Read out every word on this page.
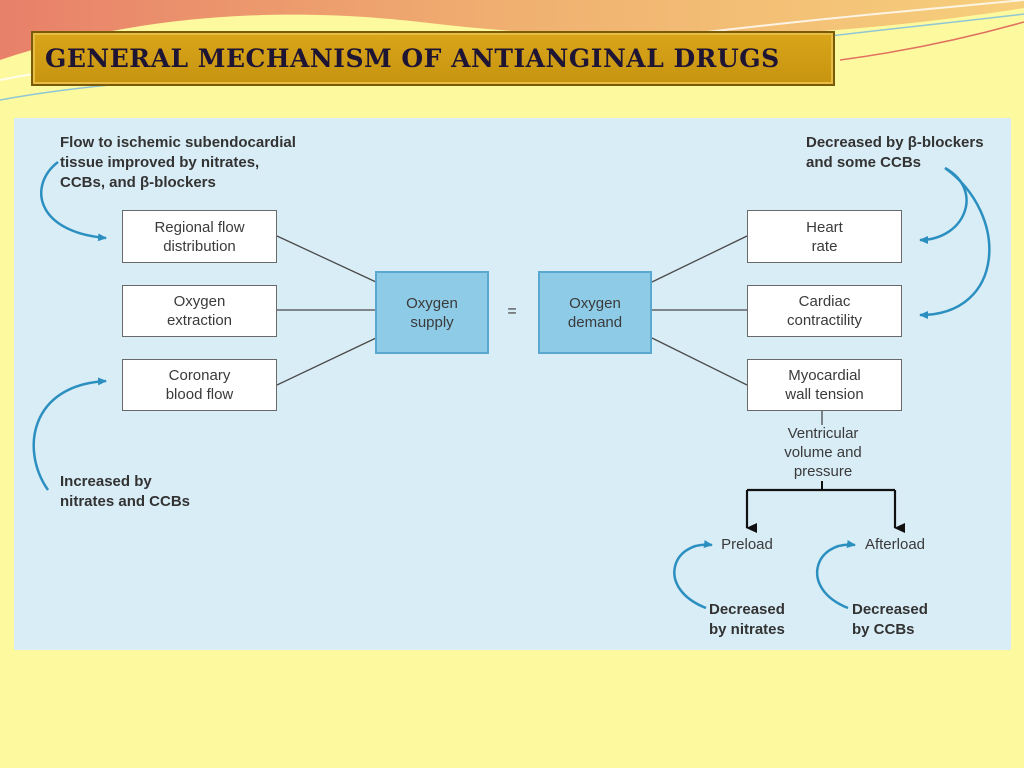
GENERAL MECHANISM OF ANTIANGINAL DRUGS
Regional flow
distribution
Oxygen
extraction
Coronary
blood flow
Oxygen
supply
=	Oxygen
demand
Heart
rate
Cardiac
contractility
Myocardial
wall tension
Ventricular
volume and
pressure
Preload	Afterload
Flow to ischemic subendocardial
tissue improved by nitrates,
CCBs, and β-blockers
Increased by
nitrates and CCBs
Decreased by β-blockers
and some CCBs
Decreased
by nitrates
Decreased
by CCBs
